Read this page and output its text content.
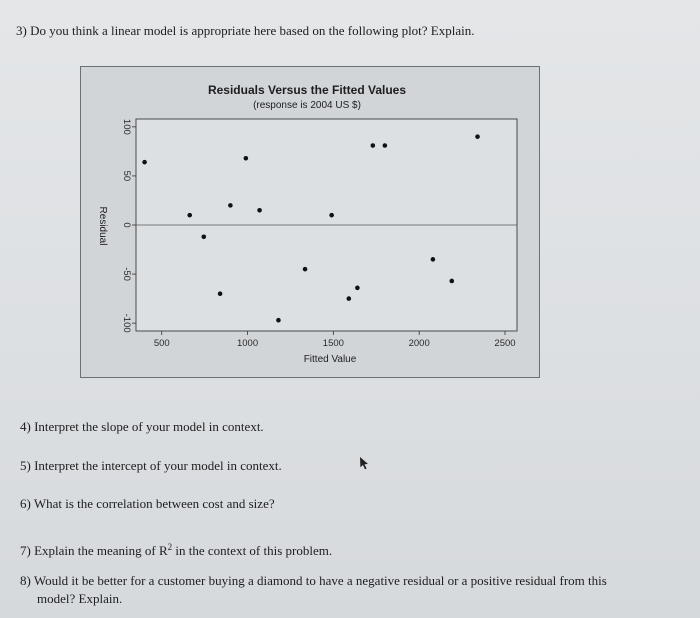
3) Do you think a linear model is appropriate here based on the following plot? Explain.

Residuals Versus the Fitted Values
(response is 2004 US $)
Fitted Value
Residual
500	1000	1500	2000	2500
100
50
0
-50
-100

4) Interpret the slope of your model in context.

5) Interpret the intercept of your model in context.

6) What is the correlation between cost and size?

7) Explain the meaning of $R^2$ in the context of this problem.

8) Would it be better for a customer buying a diamond to have a negative residual or a positive residual from this
model? Explain.
